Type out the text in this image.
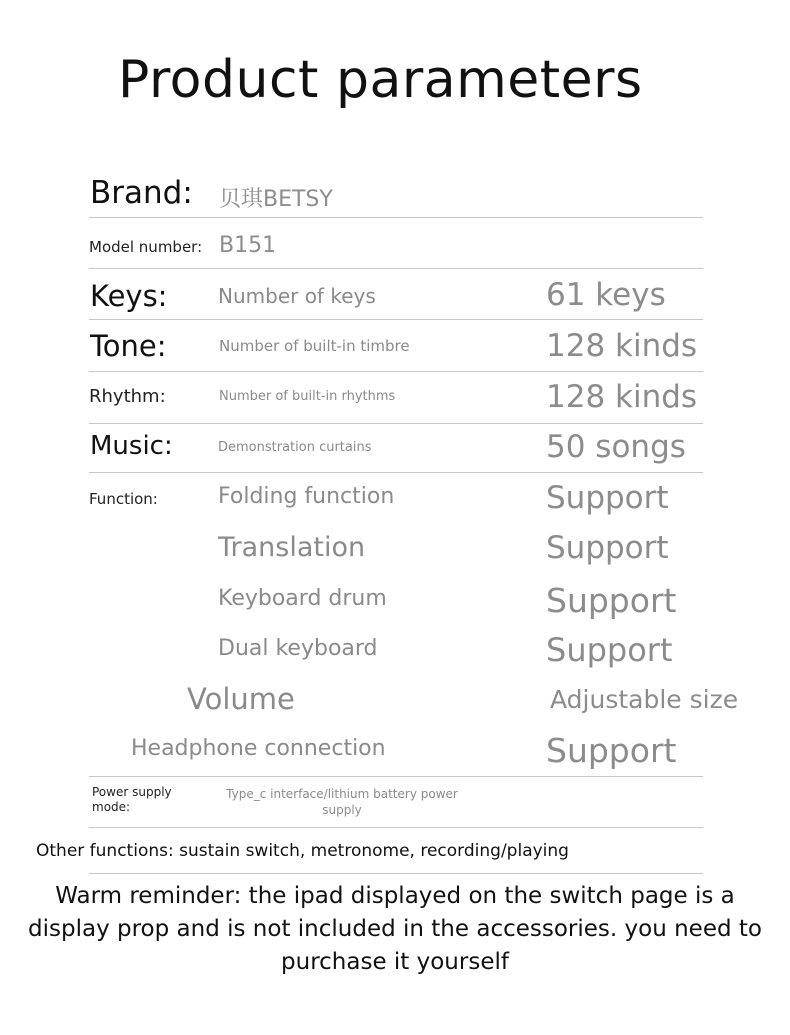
Product parameters
Brand: 贝琪BETSY
Model number: B151
Keys:	Number of keys	61 keys
Tone:	Number of built-in timbre	128 kinds
Rhythm:	Number of built-in rhythms	128 kinds
Music:	Demonstration curtains	50 songs
Function:	Folding function	Support
Translation	Support
Keyboard drum	Support
Dual keyboard	Support
Volume	Adjustable size
Headphone connection	Support
Power supply mode:
Type_c interface/lithium battery power supply
Other functions: sustain switch, metronome, recording/playing
Warm reminder: the ipad displayed on the switch page is a display prop and is not included in the accessories. you need to purchase it yourself
